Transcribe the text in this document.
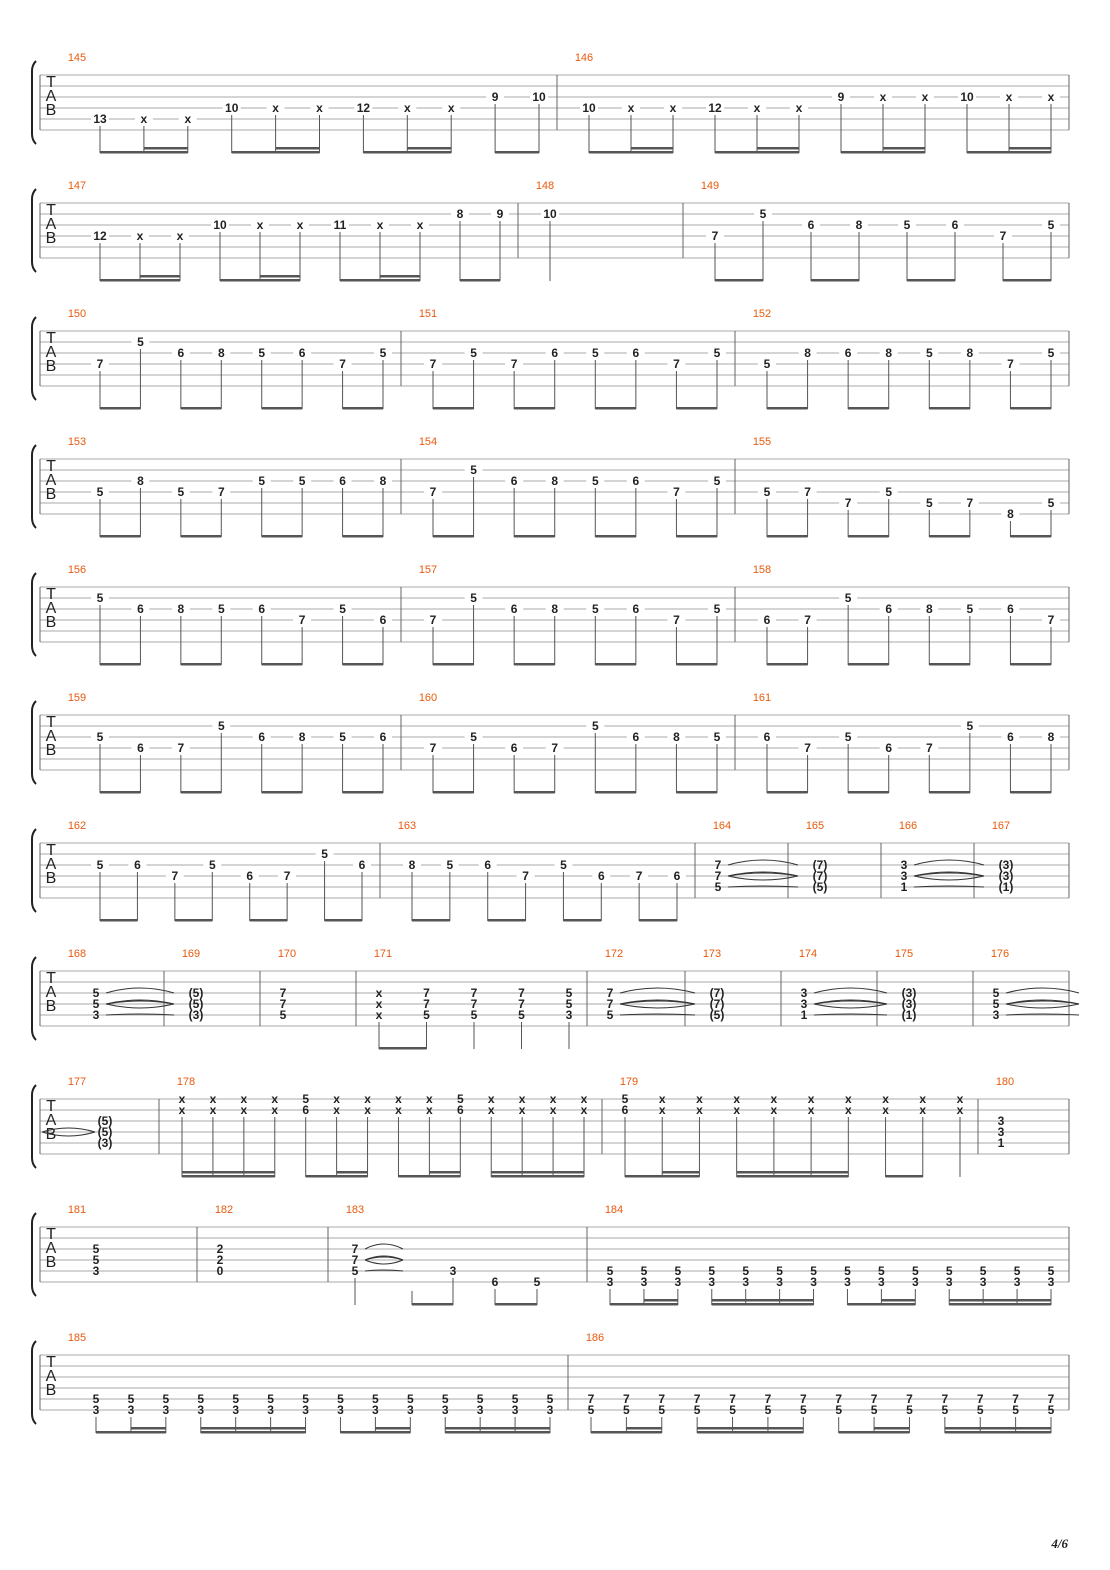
T
A
B
145
13	x	x
10	x	x	12	x	x
9	10
146
10	x	x	12	x	x
9	x	x	10	x	x
T
A
B
147
12 x	x
10 x	x	11	x	x
8	9
148
10
149
7
5
6	8	5	6
7
5
T
A
B
150
7
5
6	8	5	6
7
5
151
7
5
7
6	5	6
7
5
152
5
8	6	8	5	8
7
5
T
A
B
153
5
8
5	7
5	5	6	8
154
7
5
6	8	5	6
7
5
155
5	7
7
5
5	7
8
5
T
A
B
156
5
6	8	5	6
7
5
6
157
7
5
6	8	5	6
7
5
158
6	7
5
6	8	5	6
7
T
A
B
159
5
6	7
5
6	8	5	6
160
7
5
6	7
5
6	8	5
161
6
7
5
6	7
5
6	8
T
A
B
162
5	6
7
5
6	7
5
6
163
8	5	6
7
5
6	7	6
164
7
7
5
165
(7)
(7)
(5)
166
3
3
1
167
(3)
(3)
(1)
T
A
B
168
5
5
3
169
(5)
(5)
(3)
170
7
7
5
171
x
x
x
7
7
5
7
7
5
7
7
5
5
5
3
172
7
7
5
173
(7)
(7)
(5)
174
3
3
1
175
(3)
(3)
(1)
176
5
5
3
T
A
B
177
(5)
(5)
(3)
178
x
x
x
x
x
x
x
x
5
6
x
x
x
x
x
x
x
x
5
6
x
x
x
x
x
x
x
x
179
5
6
x
x
x
x
x
x
x
x
x
x
x
x
x
x
x
x
x
x
180
3
3
1
T
A
B
181
5
5
3
182
2
2
0
183
7
7
5	3
6	5
184
5
3
5
3
5
3
5
3
5
3
5
3
5
3
5
3
5
3
5
3
5
3
5
3
5
3
5
3
T
A
B
185
5
3
5
3
5
3
5
3
5
3
5
3
5
3
5
3
5
3
5
3
5
3
5
3
5
3
5
3
186
7
5
7
5
7
5
7
5
7
5
7
5
7
5
7
5
7
5
7
5
7
5
7
5
7
5
7
5
4/6
